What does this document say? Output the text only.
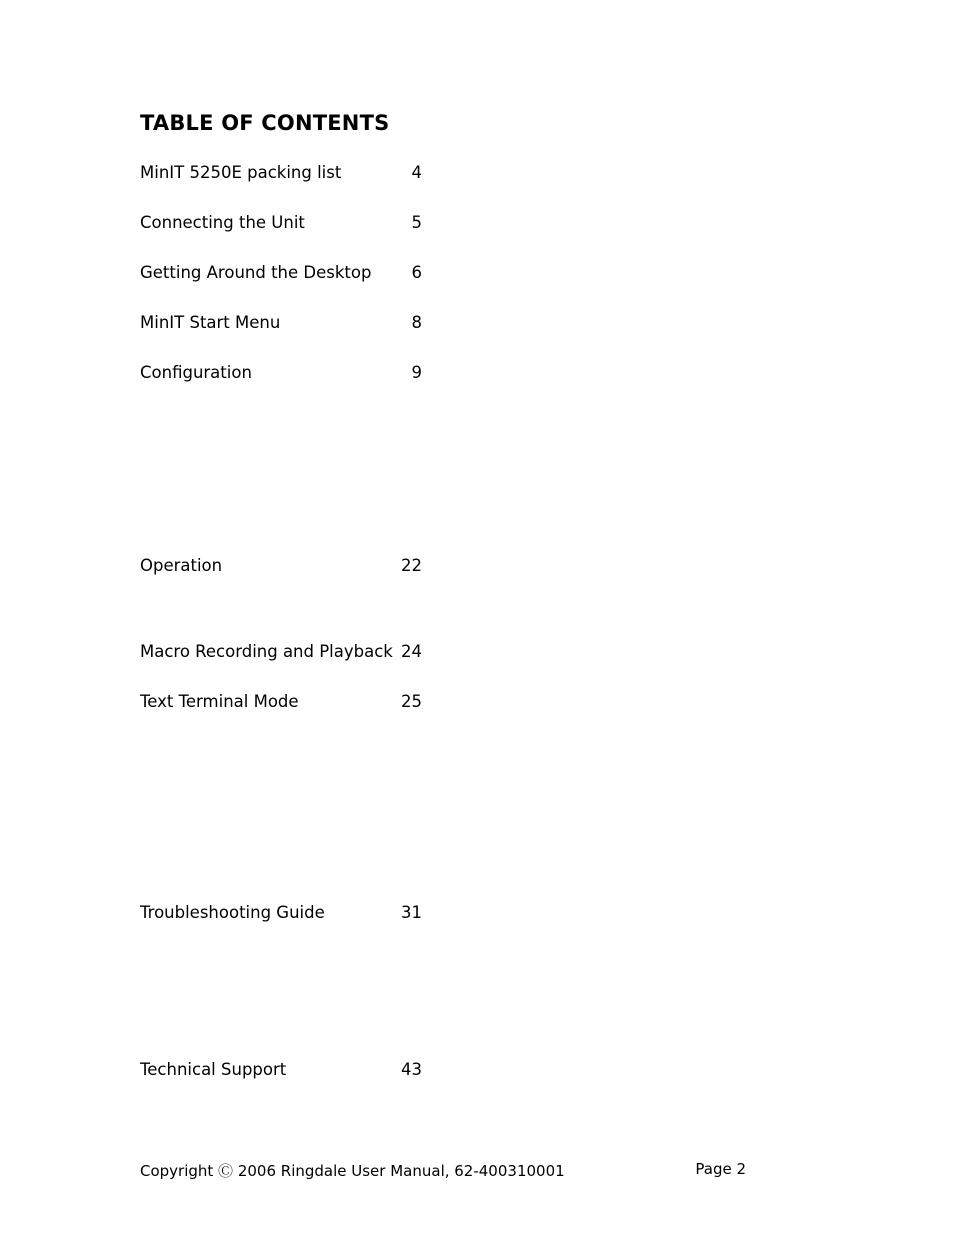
TABLE OF CONTENTS
MinIT 5250E packing list	4
Connecting the Unit	5
Getting Around the Desktop 6
MinIT Start Menu	8
Configuration	9
Operation	22
Macro Recording and Playback 24
Text Terminal Mode	25
Troubleshooting Guide	31
Technical Support	43
Copyright Ⓒ 2006 Ringdale User Manual, 62-400310001	Page 2
